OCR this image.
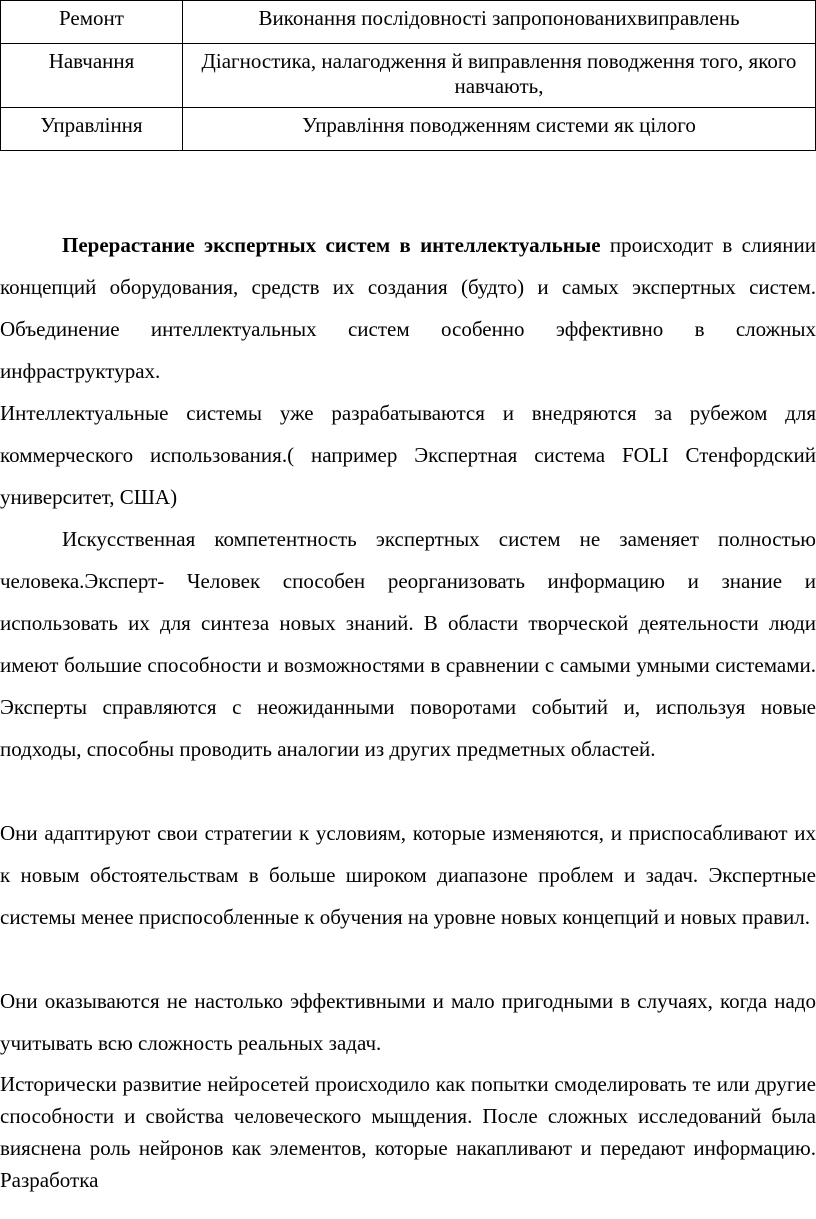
Ремонт	Виконання послідовності запропонованихвиправлень
Навчання	Діагностика, налагодження й виправлення поводження того, якого навчають,
Управління	Управління поводженням системи як цілого

Перерастание экспертных систем в интеллектуальные происходит в слиянии концепций оборудования, средств их создания (будто) и самых экспертных систем. Объединение интеллектуальных систем особенно эффективно в сложных инфраструктурах.

Интеллектуальные системы уже разрабатываются и внедряются за рубежом для коммерческого использования.( например Экспертная система FOLI Стенфордский университет, США)

Искусственная компетентность экспертных систем не заменяет полностью человека.Эксперт- Человек способен реорганизовать информацию и знание и использовать их для синтеза новых знаний. В области творческой деятельности люди имеют большие способности и возможностями в сравнении с самыми умными системами. Эксперты справляются с неожиданными поворотами событий и, используя новые подходы, способны проводить аналогии из других предметных областей.

Они адаптируют свои стратегии к условиям, которые изменяются, и приспосабливают их к новым обстоятельствам в больше широком диапазоне проблем и задач. Экспертные системы менее приспособленные к обучения на уровне новых концепций и новых правил.

Они оказываются не настолько эффективными и мало пригодными в случаях, когда надо учитывать всю сложность реальных задач.

Исторически развитие нейросетей происходило как попытки смоделировать те или другие способности и свойства человеческого мыщдения. После сложных исследований была вияснена роль нейронов как элементов, которые накапливают и передают информацию. Разработка
